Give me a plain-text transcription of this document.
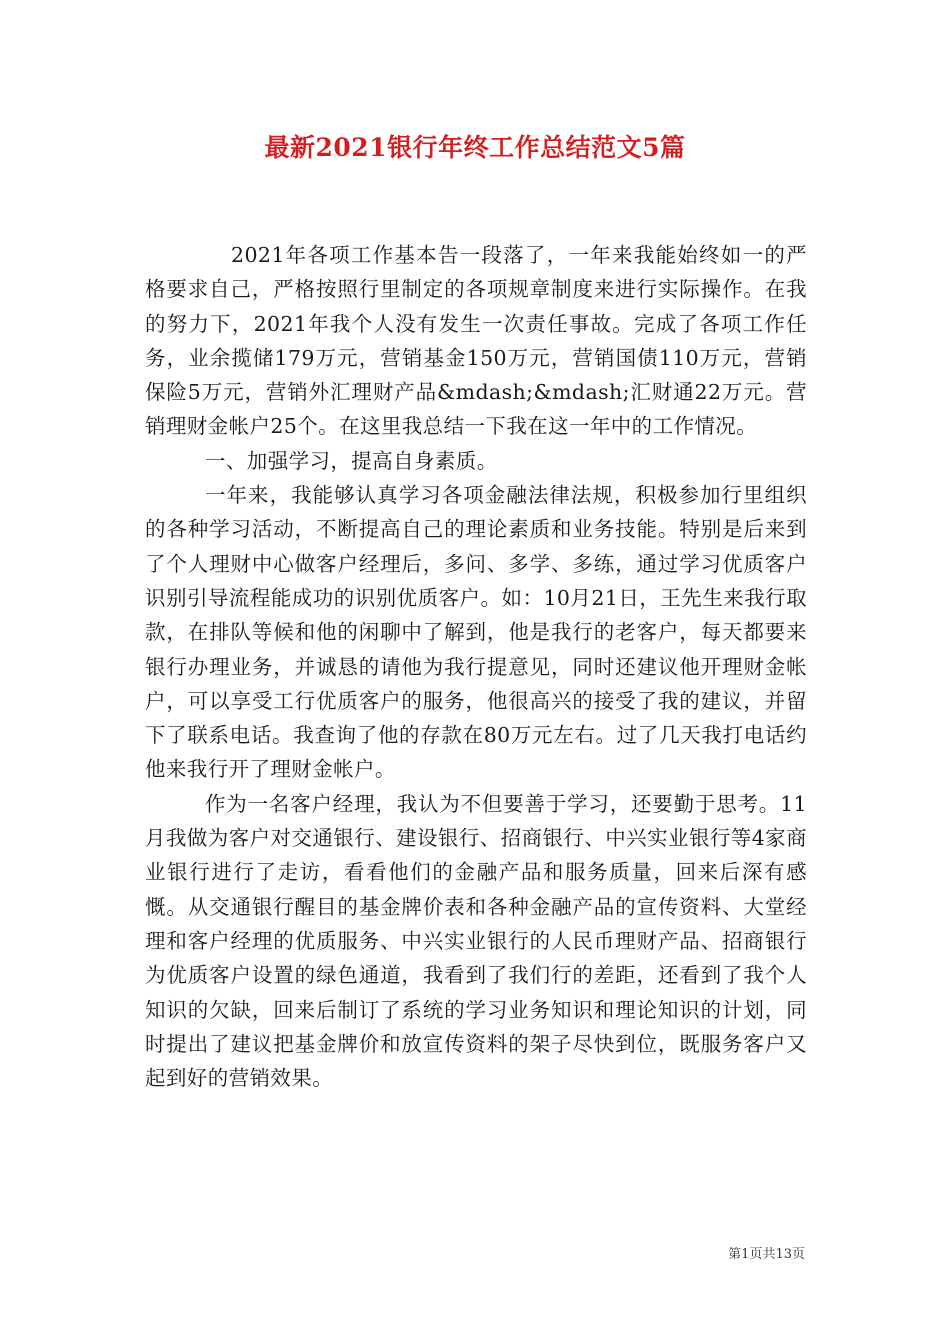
最新2021银行年终工作总结范文5篇

2021年各项工作基本告一段落了，一年来我能始终如一的严格要求自己，严格按照行里制定的各项规章制度来进行实际操作。在我的努力下，2021年我个人没有发生一次责任事故。完成了各项工作任务，业余揽储179万元，营销基金150万元，营销国债110万元，营销保险5万元，营销外汇理财产品&mdash;&mdash;汇财通22万元。营销理财金帐户25个。在这里我总结一下我在这一年中的工作情况。

一、加强学习，提高自身素质。

一年来，我能够认真学习各项金融法律法规，积极参加行里组织的各种学习活动，不断提高自己的理论素质和业务技能。特别是后来到了个人理财中心做客户经理后，多问、多学、多练，通过学习优质客户识别引导流程能成功的识别优质客户。如：10月21日，王先生来我行取款，在排队等候和他的闲聊中了解到，他是我行的老客户，每天都要来银行办理业务，并诚恳的请他为我行提意见，同时还建议他开理财金帐户，可以享受工行优质客户的服务，他很高兴的接受了我的建议，并留下了联系电话。我查询了他的存款在80万元左右。过了几天我打电话约他来我行开了理财金帐户。

作为一名客户经理，我认为不但要善于学习，还要勤于思考。11月我做为客户对交通银行、建设银行、招商银行、中兴实业银行等4家商业银行进行了走访，看看他们的金融产品和服务质量，回来后深有感慨。从交通银行醒目的基金牌价表和各种金融产品的宣传资料、大堂经理和客户经理的优质服务、中兴实业银行的人民币理财产品、招商银行为优质客户设置的绿色通道，我看到了我们行的差距，还看到了我个人知识的欠缺，回来后制订了系统的学习业务知识和理论知识的计划，同时提出了建议把基金牌价和放宣传资料的架子尽快到位，既服务客户又起到好的营销效果。

第1页共13页
